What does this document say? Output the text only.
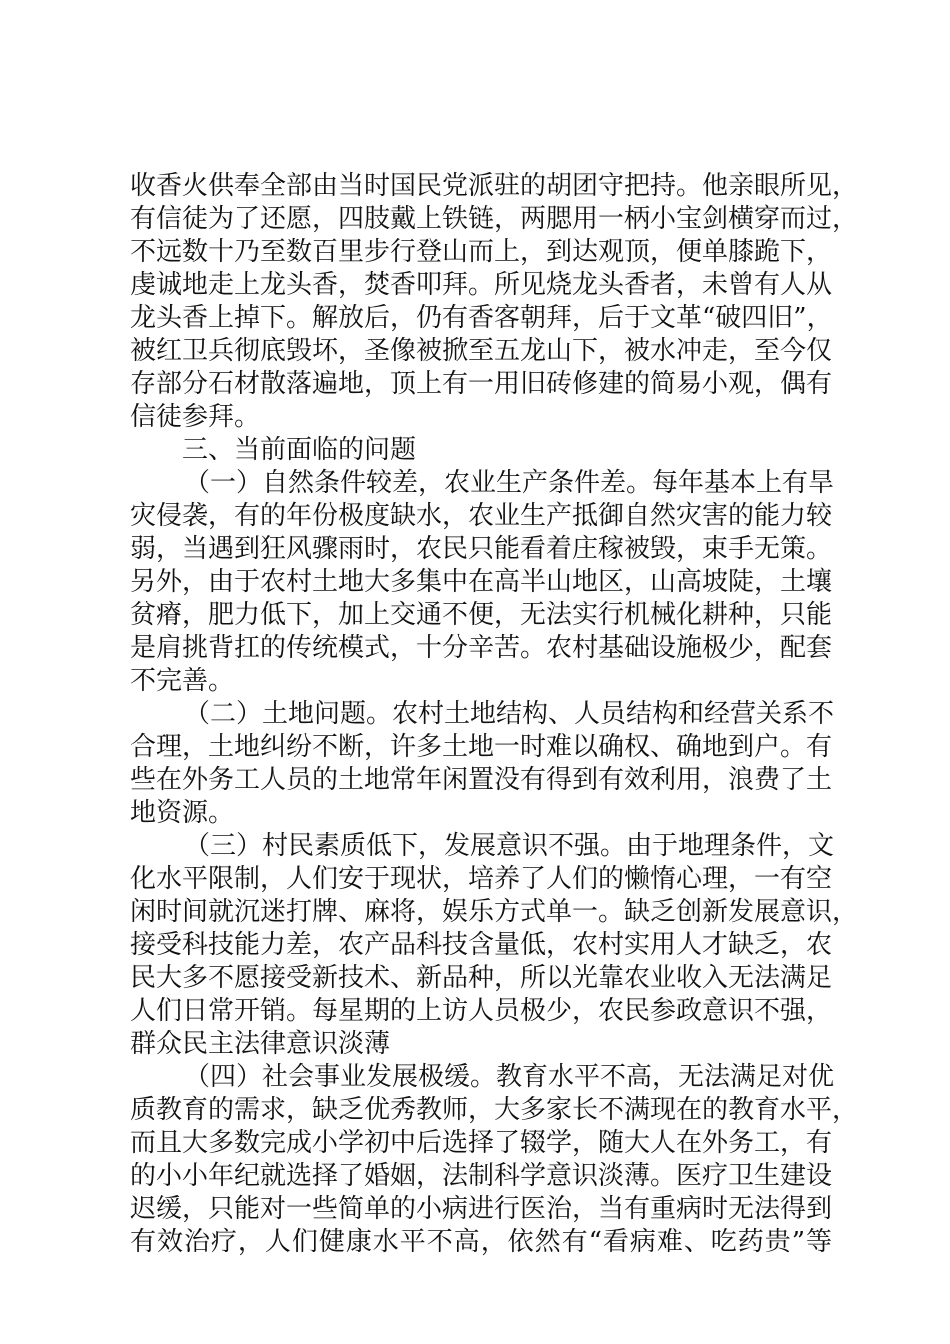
收香火供奉全部由当时国民党派驻的胡团守把持。他亲眼所见，
有信徒为了还愿，四肢戴上铁链，两腮用一柄小宝剑横穿而过，
不远数十乃至数百里步行登山而上，到达观顶，便单膝跪下，
虔诚地走上龙头香，焚香叩拜。所见烧龙头香者，未曾有人从
龙头香上掉下。解放后，仍有香客朝拜，后于文革“破四旧”，
被红卫兵彻底毁坏，圣像被掀至五龙山下，被水冲走，至今仅
存部分石材散落遍地，顶上有一用旧砖修建的简易小观，偶有
信徒参拜。
三、当前面临的问题
（一）自然条件较差，农业生产条件差。每年基本上有旱
灾侵袭，有的年份极度缺水，农业生产抵御自然灾害的能力较
弱，当遇到狂风骤雨时，农民只能看着庄稼被毁，束手无策。
另外，由于农村土地大多集中在高半山地区，山高坡陡，土壤
贫瘠，肥力低下，加上交通不便，无法实行机械化耕种，只能
是肩挑背扛的传统模式，十分辛苦。农村基础设施极少，配套
不完善。
（二）土地问题。农村土地结构、人员结构和经营关系不
合理，土地纠纷不断，许多土地一时难以确权、确地到户。有
些在外务工人员的土地常年闲置没有得到有效利用，浪费了土
地资源。
（三）村民素质低下，发展意识不强。由于地理条件，文
化水平限制，人们安于现状，培养了人们的懒惰心理，一有空
闲时间就沉迷打牌、麻将，娱乐方式单一。缺乏创新发展意识，
接受科技能力差，农产品科技含量低，农村实用人才缺乏，农
民大多不愿接受新技术、新品种，所以光靠农业收入无法满足
人们日常开销。每星期的上访人员极少，农民参政意识不强，
群众民主法律意识淡薄
（四）社会事业发展极缓。教育水平不高，无法满足对优
质教育的需求，缺乏优秀教师，大多家长不满现在的教育水平，
而且大多数完成小学初中后选择了辍学，随大人在外务工，有
的小小年纪就选择了婚姻，法制科学意识淡薄。医疗卫生建设
迟缓，只能对一些简单的小病进行医治，当有重病时无法得到
有效治疗，人们健康水平不高，依然有“看病难、吃药贵”等
